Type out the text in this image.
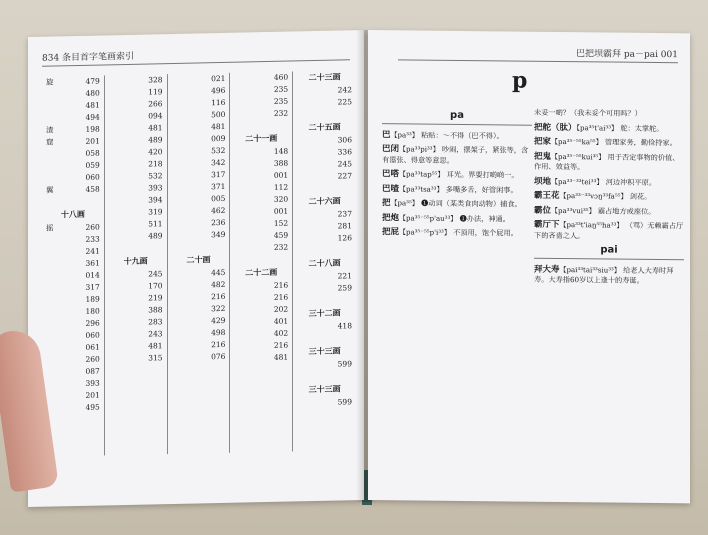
834 条目首字笔画索引
旋	479
480
481
494
渣	198
窟	201
058
059
060
翼	458
十八画
摇	260
233
241
361
014
317
189
180
296
060
061
260
087
393
201
495
328
119
266
094
481
489
420
218
532
393
394
319
511
489
十九画
245
170
219
388
283
243
481
315
021
496
116
500
481
009
532
342
317
371
005
462
236
349
二十画
445
482
216
322
429
498
216
076
460
235
235
232
二十一画
148
388
001
112
320
001
152
459
232
二十二画
216
216
202
401
402
216
481
二十三画
242
225
二十五画
306
336
245
227
二十六画
237
281
126
二十八画
221
259
三十二画
418
三十三画
599
三十三画
599
巴把坝霸拜 pa－pai 001
p
pa
巴【pa³³】 粘贴：～不得（巴不得）。
巴闭【pa³³pi³³】 吵闹，摆架子，紧张等，含有嚣张、得意等意思。
巴嗒【pa³³tap⁵⁵】 耳光。界要打啲啲一。
巴喳【pa³³tsa³³】 多嘴多舌，好管闲事。
把【pa³⁵】 ❶动词（某类食肉动物）捕食。
把炮【pa³⁵⁻⁵⁵p'au³³】 ❶办法，神通。
把屁【pa³⁵⁻⁵⁵p'i³³】 不顶用，饱个屁用。
未妥一啲？（我未妥个可用吗？）
把舵（肽）【pa³⁵t'ai³³】 舵：太掌舵。
把家【pa³⁵⁻⁵⁵ka⁵⁵】 管理家务，勤俭持家。
把鬼【pa³⁵⁻⁵⁵kui³⁵】 用于否定事物的价值、作用、效益等。
坝地【pa³³⁻³³tei³³】 河边冲积平原。
霸王花【pa³³⁻³³vɔŋ³³fa⁵⁵】 剑花。
霸位【pa³³vui³⁵】 霸占地方或座位。
霸厅下【pa³³t'iaŋ⁵⁵ha³³】 （骂）无赖霸占厅下的吝啬之人。
pai
拜大寿【pai³³tai³³siu³³】 给老人大寿时拜寿。大寿指60岁以上逢十的寿诞。
